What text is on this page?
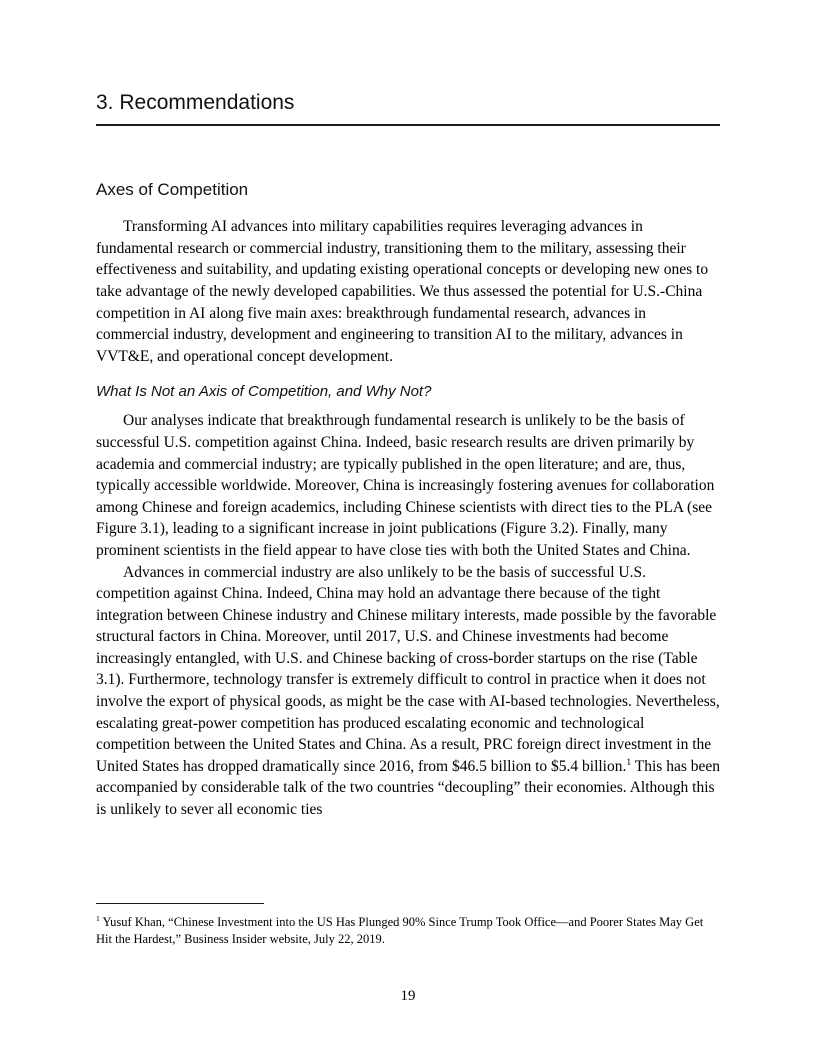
3. Recommendations
Axes of Competition

Transforming AI advances into military capabilities requires leveraging advances in fundamental research or commercial industry, transitioning them to the military, assessing their effectiveness and suitability, and updating existing operational concepts or developing new ones to take advantage of the newly developed capabilities. We thus assessed the potential for U.S.-China competition in AI along five main axes: breakthrough fundamental research, advances in commercial industry, development and engineering to transition AI to the military, advances in VVT&E, and operational concept development.

What Is Not an Axis of Competition, and Why Not?

Our analyses indicate that breakthrough fundamental research is unlikely to be the basis of successful U.S. competition against China. Indeed, basic research results are driven primarily by academia and commercial industry; are typically published in the open literature; and are, thus, typically accessible worldwide. Moreover, China is increasingly fostering avenues for collaboration among Chinese and foreign academics, including Chinese scientists with direct ties to the PLA (see Figure 3.1), leading to a significant increase in joint publications (Figure 3.2). Finally, many prominent scientists in the field appear to have close ties with both the United States and China.

Advances in commercial industry are also unlikely to be the basis of successful U.S. competition against China. Indeed, China may hold an advantage there because of the tight integration between Chinese industry and Chinese military interests, made possible by the favorable structural factors in China. Moreover, until 2017, U.S. and Chinese investments had become increasingly entangled, with U.S. and Chinese backing of cross-border startups on the rise (Table 3.1). Furthermore, technology transfer is extremely difficult to control in practice when it does not involve the export of physical goods, as might be the case with AI-based technologies. Nevertheless, escalating great-power competition has produced escalating economic and technological competition between the United States and China. As a result, PRC foreign direct investment in the United States has dropped dramatically since 2016, from $46.5 billion to $5.4 billion.$^1$ This has been accompanied by considerable talk of the two countries “decoupling” their economies. Although this is unlikely to sever all economic ties

$^1$ Yusuf Khan, “Chinese Investment into the US Has Plunged 90% Since Trump Took Office—and Poorer States May Get Hit the Hardest,” Business Insider website, July 22, 2019.

19
